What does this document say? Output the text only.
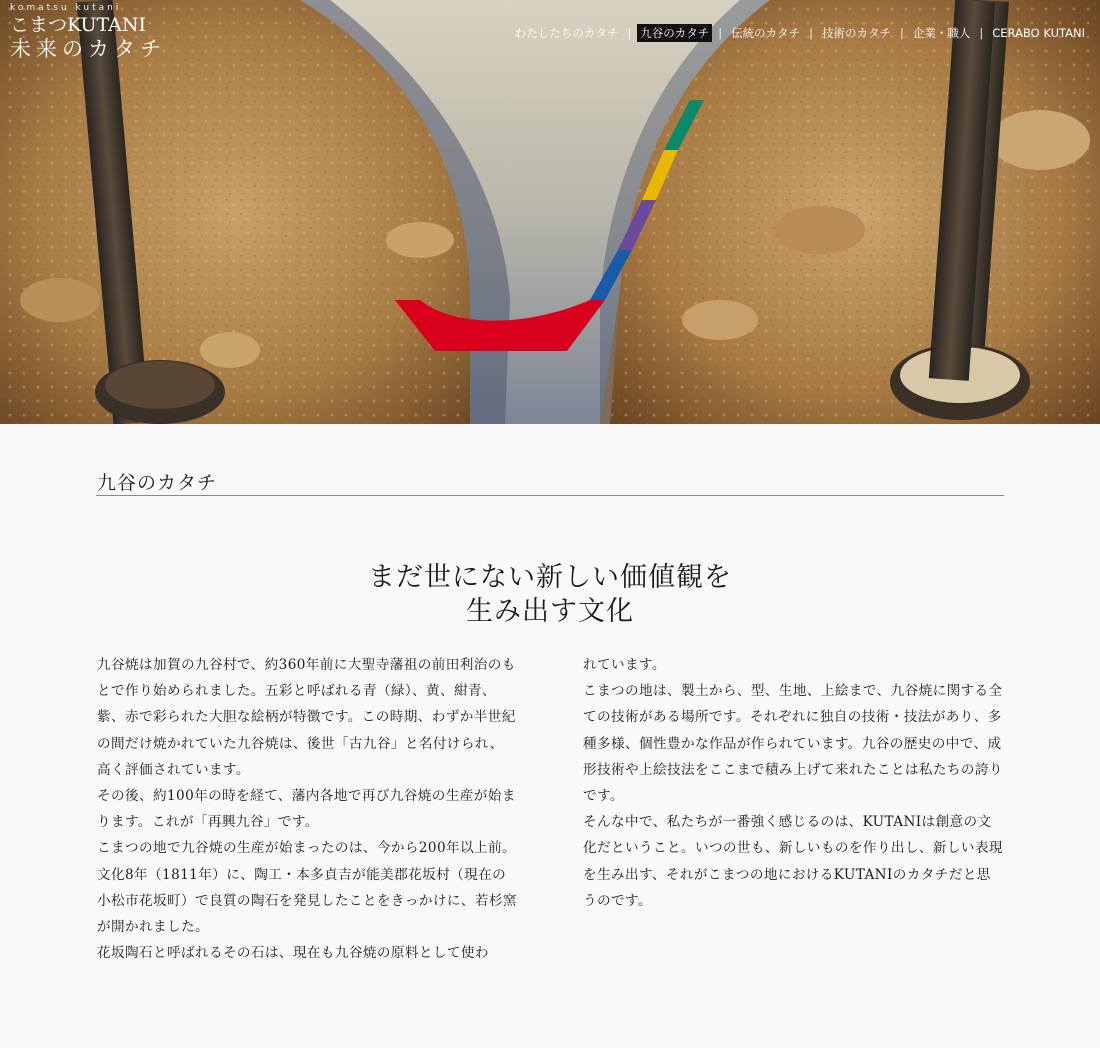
komatsu kutani
こまつKUTANI
未来のカタチ
わたしたちのカタチ | 九谷のカタチ | 伝統のカタチ | 技術のカタチ | 企業・職人 | CERABO KUTANI
九谷のカタチ
まだ世にない新しい価値観を
生み出す文化

九谷焼は加賀の九谷村で、約360年前に大聖寺藩祖の前田利治のもとで作り始められました。五彩と呼ばれる青（緑）、黄、紺青、紫、赤で彩られた大胆な絵柄が特徴です。この時期、わずか半世紀の間だけ焼かれていた九谷焼は、後世「古九谷」と名付けられ、高く評価されています。

その後、約100年の時を経て、藩内各地で再び九谷焼の生産が始まります。これが「再興九谷」です。

こまつの地で九谷焼の生産が始まったのは、今から200年以上前。文化8年（1811年）に、陶工・本多貞吉が能美郡花坂村（現在の小松市花坂町）で良質の陶石を発見したことをきっかけに、若杉窯が開かれました。

花坂陶石と呼ばれるその石は、現在も九谷焼の原料として使わ

れています。

こまつの地は、製土から、型、生地、上絵まで、九谷焼に関する全ての技術がある場所です。それぞれに独自の技術・技法があり、多種多様、個性豊かな作品が作られています。九谷の歴史の中で、成形技術や上絵技法をここまで積み上げて来れたことは私たちの誇りです。

そんな中で、私たちが一番強く感じるのは、KUTANIは創意の文化だということ。いつの世も、新しいものを作り出し、新しい表現を生み出す、それがこまつの地におけるKUTANIのカタチだと思うのです。
